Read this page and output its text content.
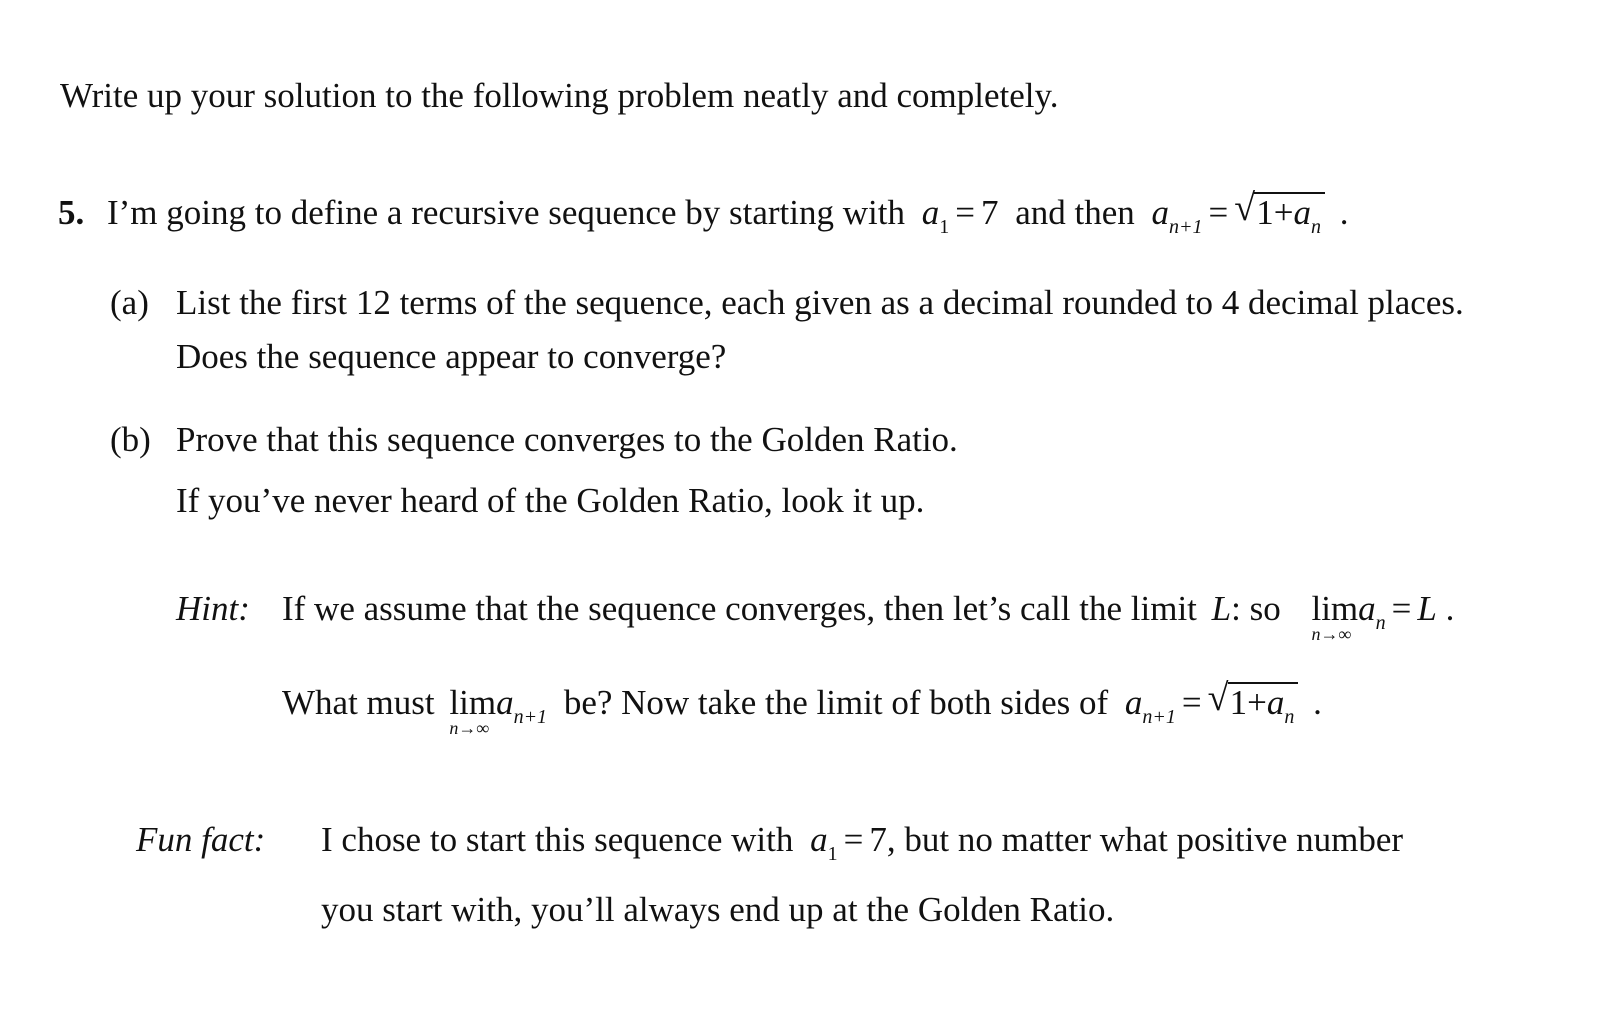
Write up your solution to the following problem neatly and completely.
5. I’m going to define a recursive sequence by starting with $a_1 = 7$ and then $a_{n+1}$ = √ $1+a_n$ .
(a) List the first 12 terms of the sequence, each given as a decimal rounded to 4 decimal places.
Does the sequence appear to converge?
(b) Prove that this sequence converges to the Golden Ratio.
If you’ve never heard of the Golden Ratio, look it up.
Hint: If we assume that the sequence converges, then let’s call the limit L: so lim
n→∞
$a_n = L$ .
What must lim
n→∞
$a_{n+1}$ be? Now take the limit of both sides of $a_{n+1}$ = √ $1+a_n$ .
Fun fact: I chose to start this sequence with $a_1 = 7$, but no matter what positive number
you start with, you’ll always end up at the Golden Ratio.
